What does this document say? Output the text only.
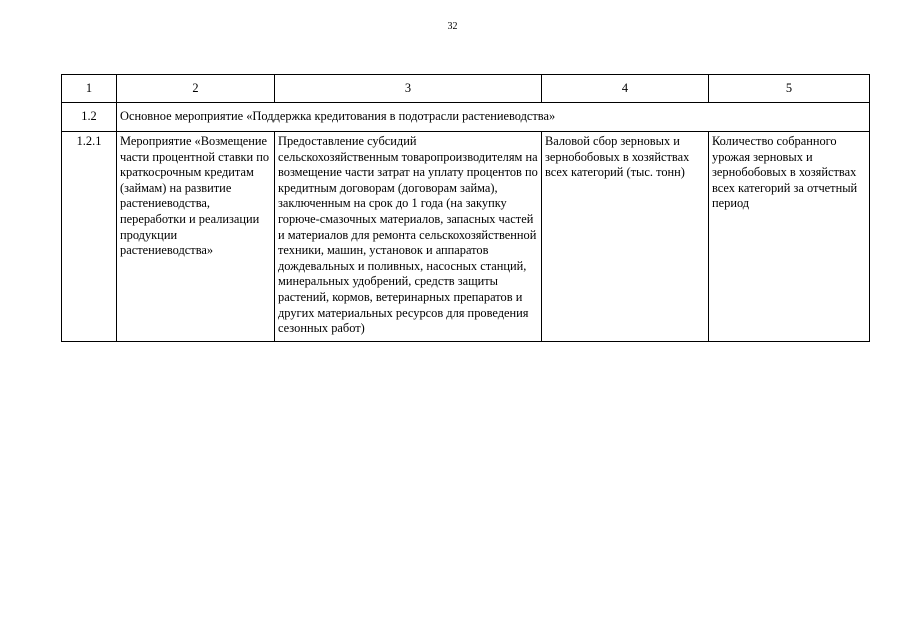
32
1	2	3	4	5
1.2	Основное мероприятие «Поддержка кредитования в подотрасли растениеводства»			
1.2.1	Мероприятие «Возмещение части процентной ставки по краткосрочным кредитам (займам) на развитие растениеводства, переработки и реализации продукции растениеводства»	Предоставление субсидий сельскохозяйственным товаропроизводителям на возмещение части затрат на уплату процентов по кредитным договорам (договорам займа), заключенным на срок до 1 года (на закупку горюче-смазочных материалов, запасных частей и материалов для ремонта сельскохозяйственной техники, машин, установок и аппаратов дождевальных и поливных, насосных станций, минеральных удобрений, средств защиты растений, кормов, ветеринарных препаратов и других материальных ресурсов для проведения сезонных работ)	Валовой сбор зерновых и зернобобовых в хозяйствах всех категорий (тыс. тонн)	Количество собранного урожая зерновых и зернобобовых в хозяйствах всех категорий за отчетный период
